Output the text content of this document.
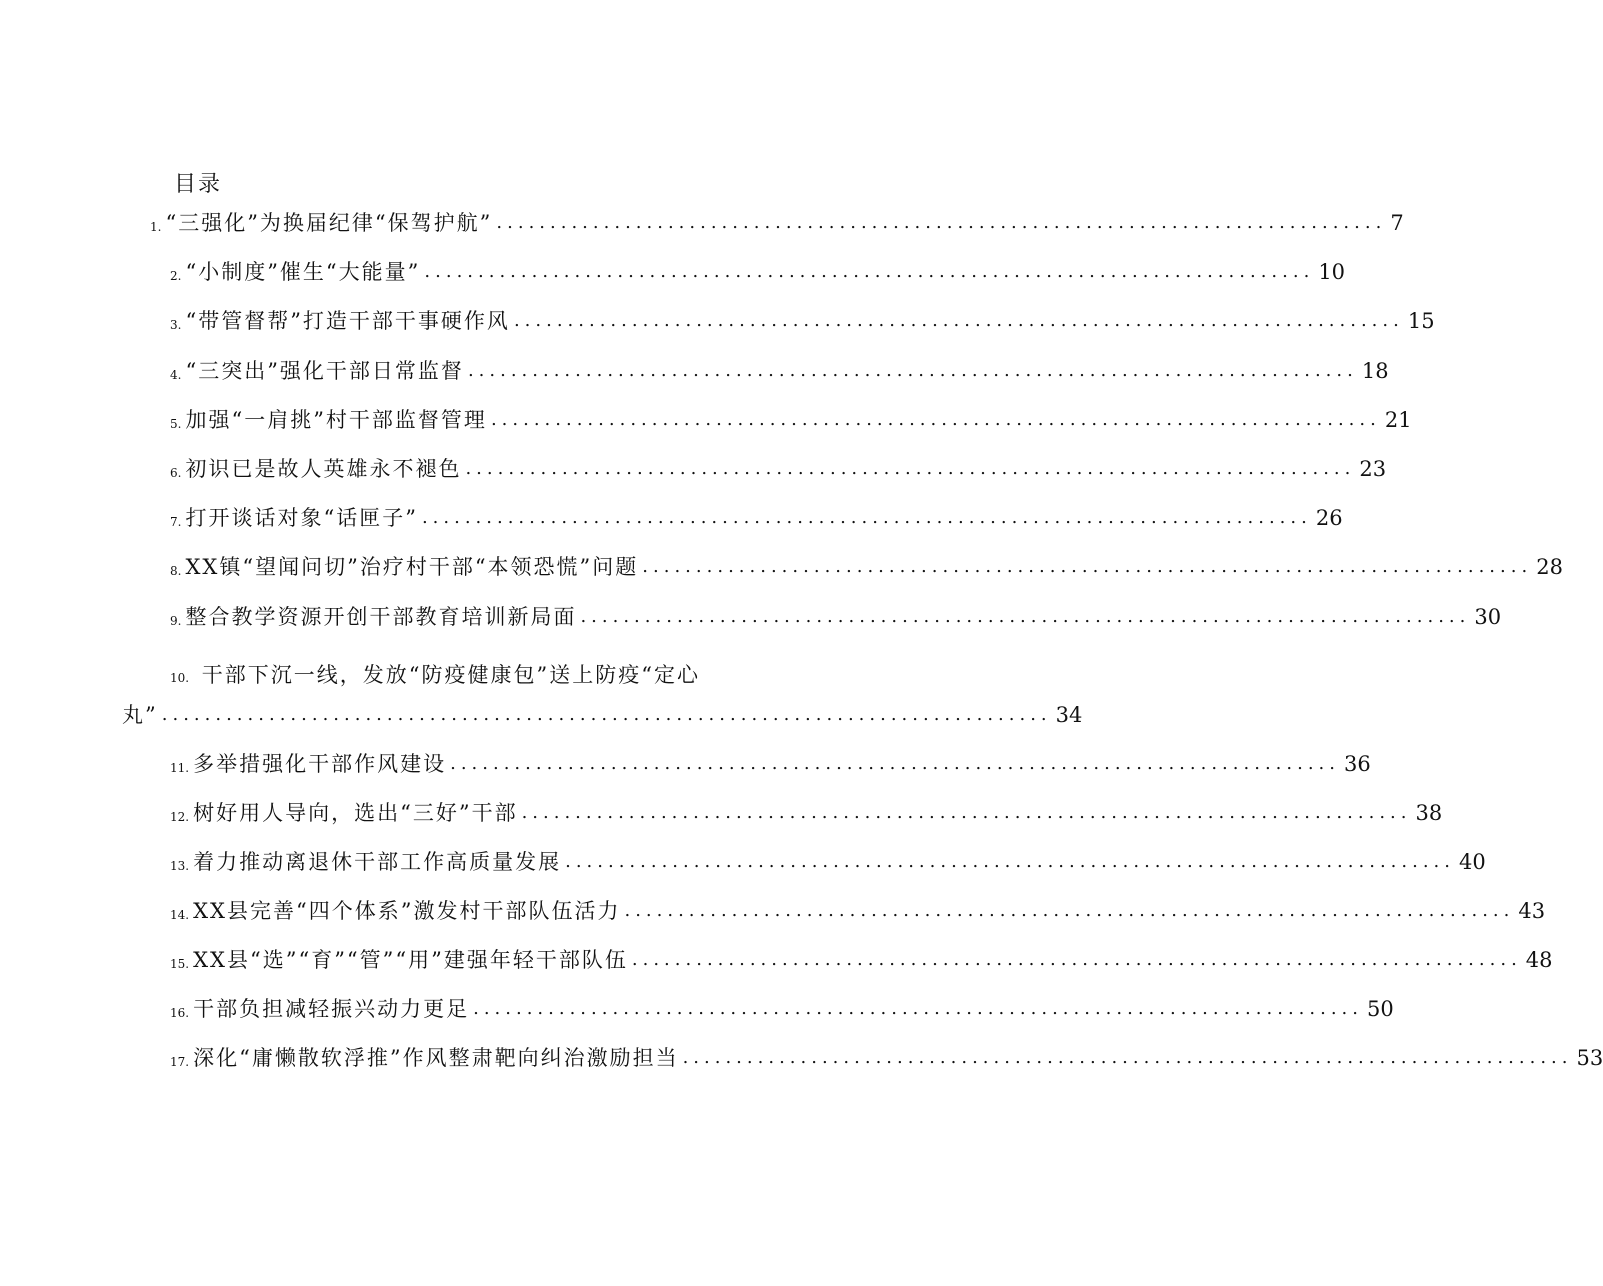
目录
1. “三强化”为换届纪律“保驾护航” ................................................................................... 7
2. “小制度”催生“大能量” ................................................................................... 10
3. “带管督帮”打造干部干事硬作风 ................................................................................... 15
4. “三突出”强化干部日常监督 ................................................................................... 18
5. 加强“一肩挑”村干部监督管理 ................................................................................... 21
6. 初识已是故人英雄永不褪色 ................................................................................... 23
7. 打开谈话对象“话匣子” ................................................................................... 26
8. XX镇“望闻问切”治疗村干部“本领恐慌”问题 ................................................................................... 28
9. 整合教学资源开创干部教育培训新局面 ................................................................................... 30
10. 干部下沉一线，发放“防疫健康包”送上防疫“定心
丸” ................................................................................... 34
11. 多举措强化干部作风建设 ................................................................................... 36
12. 树好用人导向，选出“三好”干部 ................................................................................... 38
13. 着力推动离退休干部工作高质量发展 ................................................................................... 40
14. XX县完善“四个体系”激发村干部队伍活力 ................................................................................... 43
15. XX县“选”“育”“管”“用”建强年轻干部队伍 ................................................................................... 48
16. 干部负担减轻振兴动力更足 ................................................................................... 50
17. 深化“庸懒散软浮推”作风整肃靶向纠治激励担当 ................................................................................... 53
